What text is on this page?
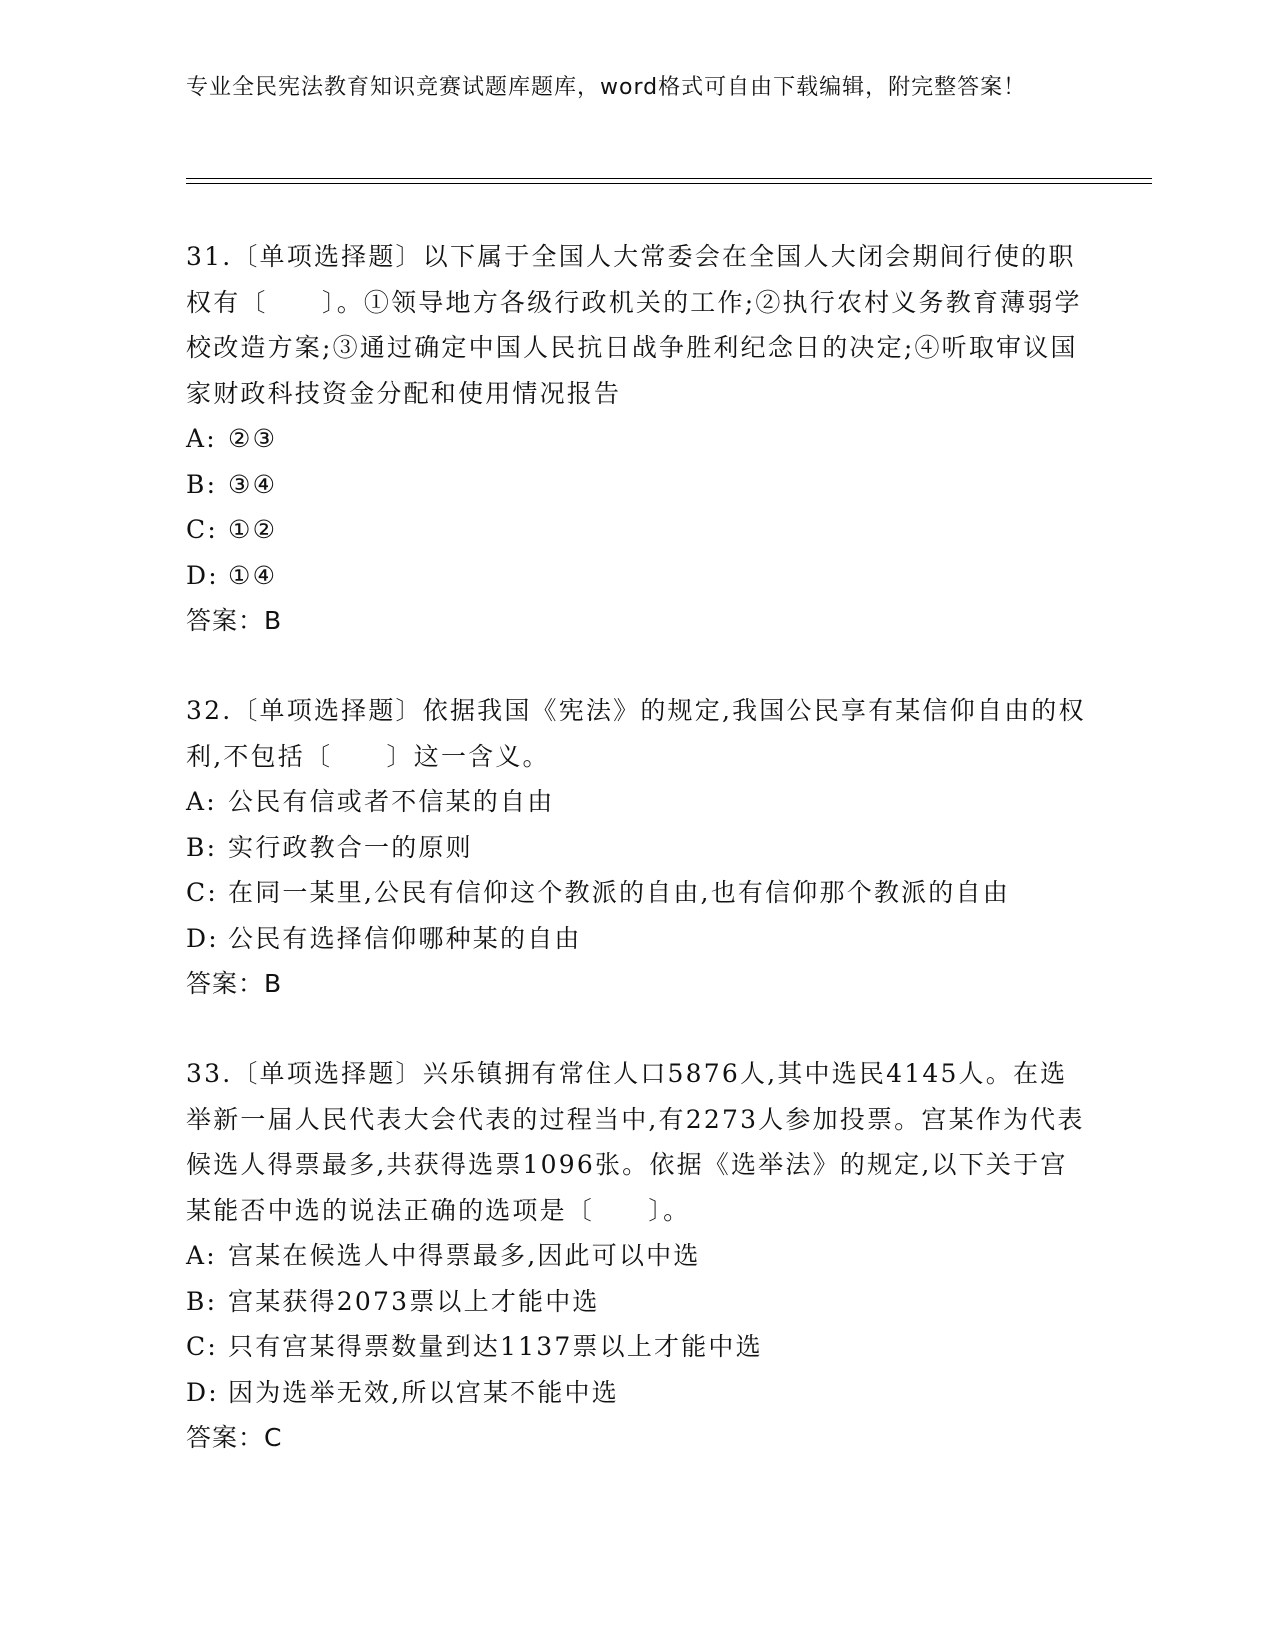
专业全民宪法教育知识竞赛试题库题库，word格式可自由下载编辑，附完整答案！

31.〔单项选择题〕以下属于全国人大常委会在全国人大闭会期间行使的职权有〔　　〕。①领导地方各级行政机关的工作;②执行农村义务教育薄弱学校改造方案;③通过确定中国人民抗日战争胜利纪念日的决定;④听取审议国家财政科技资金分配和使用情况报告

A: ②③
B: ③④
C: ①②
D: ①④
答案：B

32.〔单项选择题〕依据我国《宪法》的规定,我国公民享有某信仰自由的权利,不包括〔　　〕这一含义。

A: 公民有信或者不信某的自由
B: 实行政教合一的原则
C: 在同一某里,公民有信仰这个教派的自由,也有信仰那个教派的自由
D: 公民有选择信仰哪种某的自由
答案：B

33.〔单项选择题〕兴乐镇拥有常住人口5876人,其中选民4145人。在选举新一届人民代表大会代表的过程当中,有2273人参加投票。宫某作为代表候选人得票最多,共获得选票1096张。依据《选举法》的规定,以下关于宫某能否中选的说法正确的选项是〔　　〕。

A: 宫某在候选人中得票最多,因此可以中选
B: 宫某获得2073票以上才能中选
C: 只有宫某得票数量到达1137票以上才能中选
D: 因为选举无效,所以宫某不能中选
答案：C
